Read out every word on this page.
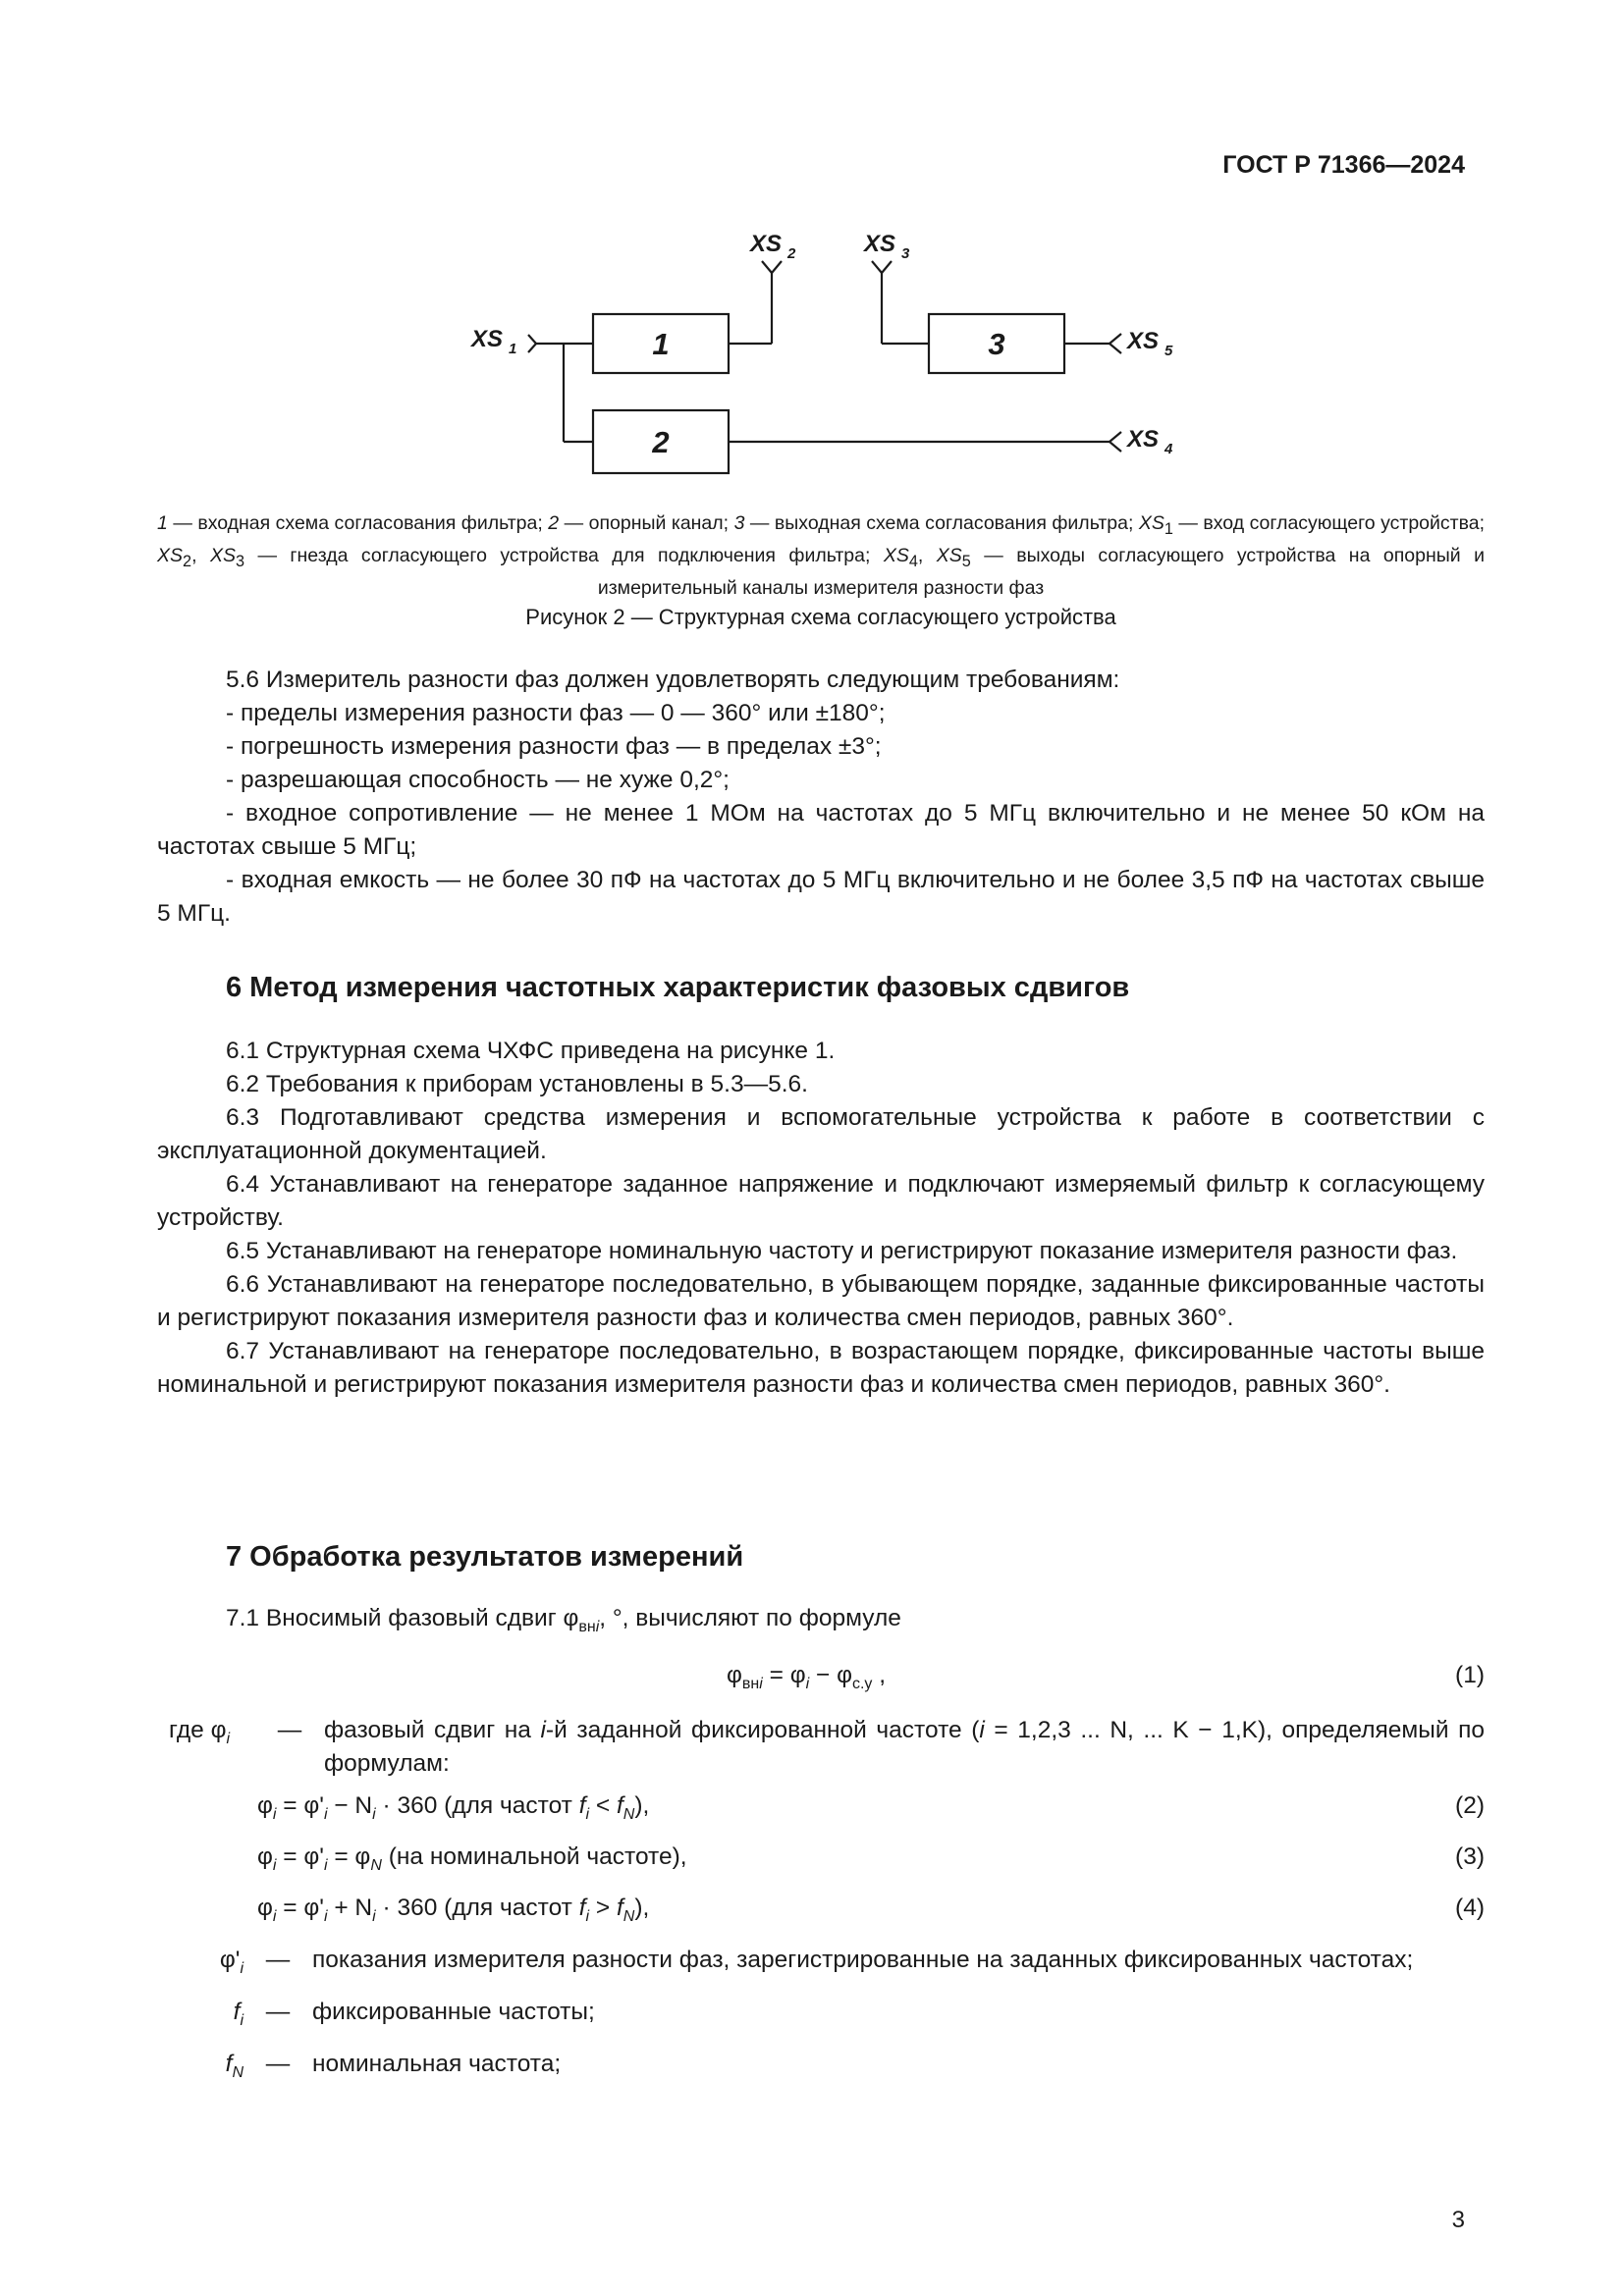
ГОСТ Р 71366—2024
1
2
3
XS 1
XS 2	XS 3
XS 5
XS 4
1 — входная схема согласования фильтра; 2 — опорный канал; 3 — выходная схема согласования фильтра; $XS_1$ — вход согласующего устройства; $XS_2$, $XS_3$ — гнезда согласующего устройства для подключения фильтра; $XS_4$, $XS_5$ — выходы согласующего устройства на опорный и измерительный каналы измерителя разности фаз
Рисунок 2 — Структурная схема согласующего устройства

5.6 Измеритель разности фаз должен удовлетворять следующим требованиям:

- пределы измерения разности фаз — 0 — 360° или ±180°;

- погрешность измерения разности фаз — в пределах ±3°;

- разрешающая способность — не хуже 0,2°;

- входное сопротивление — не менее 1 МОм на частотах до 5 МГц включительно и не менее 50 кОм на частотах свыше 5 МГц;

- входная емкость — не более 30 пФ на частотах до 5 МГц включительно и не более 3,5 пФ на частотах свыше 5 МГц.

6 Метод измерения частотных характеристик фазовых сдвигов

6.1 Структурная схема ЧХФС приведена на рисунке 1.

6.2 Требования к приборам установлены в 5.3—5.6.

6.3 Подготавливают средства измерения и вспомогательные устройства к работе в соответствии с эксплуатационной документацией.

6.4 Устанавливают на генераторе заданное напряжение и подключают измеряемый фильтр к согласующему устройству.

6.5 Устанавливают на генераторе номинальную частоту и регистрируют показание измерителя разности фаз.

6.6 Устанавливают на генераторе последовательно, в убывающем порядке, заданные фиксированные частоты и регистрируют показания измерителя разности фаз и количества смен периодов, равных 360°.

6.7 Устанавливают на генераторе последовательно, в возрастающем порядке, фиксированные частоты выше номинальной и регистрируют показания измерителя разности фаз и количества смен периодов, равных 360°.

7 Обработка результатов измерений

7.1 Вносимый фазовый сдвиг $\varphi_{внi}$, °, вычисляют по формуле

$\varphi_{внi} = \varphi_i - \varphi_{с.у}$ ,	(1)
где $\varphi_i$	— фазовый сдвиг на i-й заданной фиксированной частоте (i = 1,2,3 ... N, ... K − 1,K), определяемый по формулам:
$\varphi_i = \varphi'_i - N_i \cdot 360$ (для частот $f_i < f_N$),	(2)
$\varphi_i = \varphi'_i = \varphi_N$ (на номинальной частоте),	(3)
$\varphi_i = \varphi'_i + N_i \cdot 360$ (для частот $f_i > f_N$),	(4)
$\varphi'_i$ — показания измерителя разности фаз, зарегистрированные на заданных фиксированных частотах;
$f_i$ — фиксированные частоты;
$f_N$ — номинальная частота;
3
